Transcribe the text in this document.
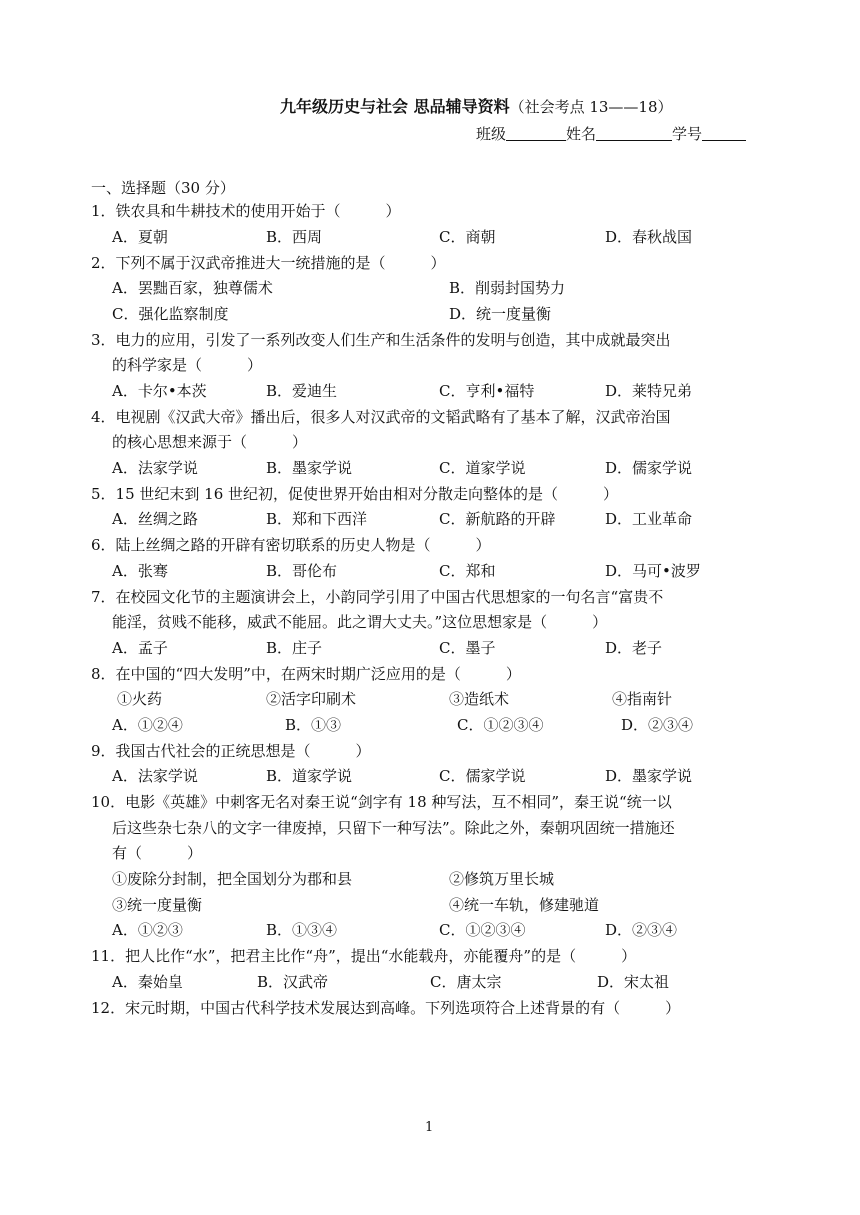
九年级历史与社会 思品辅导资料（社会考点 13——18）
班级	姓名	学号
一、选择题（30 分）
1．铁农具和牛耕技术的使用开始于（　　　）
A．夏朝	B．西周	C．商朝	D．春秋战国
2．下列不属于汉武帝推进大一统措施的是（　　　）
A．罢黜百家，独尊儒术	B．削弱封国势力
C．强化监察制度	D．统一度量衡
3．电力的应用，引发了一系列改变人们生产和生活条件的发明与创造，其中成就最突出
的科学家是（　　　）
A．卡尔•本茨	B．爱迪生	C．亨利•福特	D．莱特兄弟
4．电视剧《汉武大帝》播出后，很多人对汉武帝的文韬武略有了基本了解，汉武帝治国
的核心思想来源于（　　　）
A．法家学说	B．墨家学说	C．道家学说	D．儒家学说
5．15 世纪末到 16 世纪初，促使世界开始由相对分散走向整体的是（　　　）
A．丝绸之路	B．郑和下西洋	C．新航路的开辟	D．工业革命
6．陆上丝绸之路的开辟有密切联系的历史人物是（　　　）
A．张骞	B．哥伦布	C．郑和	D．马可•波罗
7．在校园文化节的主题演讲会上，小韵同学引用了中国古代思想家的一句名言“富贵不
能淫，贫贱不能移，威武不能屈。此之谓大丈夫。”这位思想家是（　　　）
A．孟子	B．庄子	C．墨子	D．老子
8．在中国的“四大发明”中，在两宋时期广泛应用的是（　　　）
①火药	②活字印刷术	③造纸术	④指南针
A．①②④	B．①③	C．①②③④	D．②③④
9．我国古代社会的正统思想是（　　　）
A．法家学说	B．道家学说	C．儒家学说	D．墨家学说
10．电影《英雄》中刺客无名对秦王说“剑字有 18 种写法，互不相同”，秦王说“统一以
后这些杂七杂八的文字一律废掉，只留下一种写法”。除此之外，秦朝巩固统一措施还
有（　　　）
①废除分封制，把全国划分为郡和县	②修筑万里长城
③统一度量衡	④统一车轨，修建驰道
A．①②③	B．①③④	C．①②③④	D．②③④
11．把人比作“水”，把君主比作“舟”，提出“水能载舟，亦能覆舟”的是（　　　）
A．秦始皇	B．汉武帝	C．唐太宗	D．宋太祖
12．宋元时期，中国古代科学技术发展达到高峰。下列选项符合上述背景的有（　　　）
1
